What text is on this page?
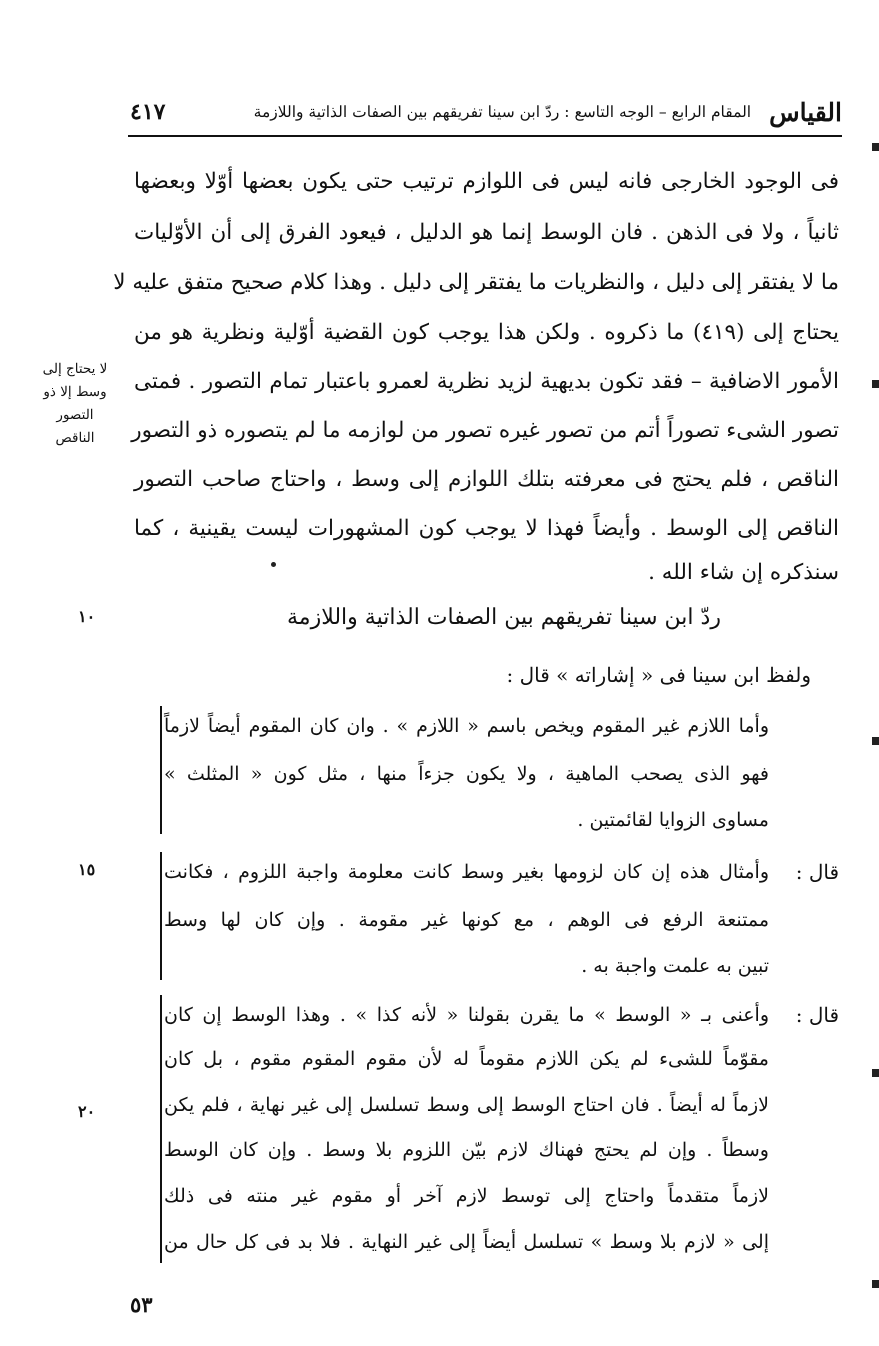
القياس
المقام الرابع – الوجه التاسع : ردّ ابن سينا تفريقهم بين الصفات الذاتية واللازمة
٤١٧
فى الوجود الخارجى فانه ليس فى اللوازم ترتيب حتى يكون بعضها أوّلا وبعضها
ثانياً ، ولا فى الذهن . فان الوسط إنما هو الدليل ، فيعود الفرق إلى أن الأوّليات
ما لا يفتقر إلى دليل ، والنظريات ما يفتقر إلى دليل . وهذا كلام صحيح متفق عليه لا
يحتاج إلى (٤١٩) ما ذكروه . ولكن هذا يوجب كون القضية أوّلية ونظرية هو من
الأمور الاضافية – فقد تكون بديهية لزيد نظرية لعمرو باعتبار تمام التصور . فمتى
تصور الشىء تصوراً أتم من تصور غيره تصور من لوازمه ما لم يتصوره ذو التصور
الناقص ، فلم يحتج فى معرفته بتلك اللوازم إلى وسط ، واحتاج صاحب التصور
الناقص إلى الوسط . وأيضاً فهذا لا يوجب كون المشهورات ليست يقينية ، كما
سنذكره إن شاء الله .
ردّ ابن سينا تفريقهم بين الصفات الذاتية واللازمة
ولفظ ابن سينا فى « إشاراته » قال :
وأما اللازم غير المقوم ويخص باسم « اللازم » . وان كان المقوم أيضاً لازماً
فهو الذى يصحب الماهية ، ولا يكون جزءاً منها ، مثل كون « المثلث »
مساوى الزوايا لقائمتين .
قال :
وأمثال هذه إن كان لزومها بغير وسط كانت معلومة واجبة اللزوم ، فكانت
ممتنعة الرفع فى الوهم ، مع كونها غير مقومة . وإن كان لها وسط
تبين به علمت واجبة به .
قال :
وأعنى بـ « الوسط » ما يقرن بقولنا « لأنه كذا » . وهذا الوسط إن كان
مقوّماً للشىء لم يكن اللازم مقوماً له لأن مقوم المقوم مقوم ، بل كان
لازماً له أيضاً . فان احتاج الوسط إلى وسط تسلسل إلى غير نهاية ، فلم يكن
وسطاً . وإن لم يحتج فهناك لازم بيّن اللزوم بلا وسط . وإن كان الوسط
لازماً متقدماً واحتاج إلى توسط لازم آخر أو مقوم غير منته فى ذلك
إلى « لازم بلا وسط » تسلسل أيضاً إلى غير النهاية . فلا بد فى كل حال من
لا يحتاج إلى
وسط إلا ذو
التصور
الناقص
١٠
١٥
٢٠
٥٣
